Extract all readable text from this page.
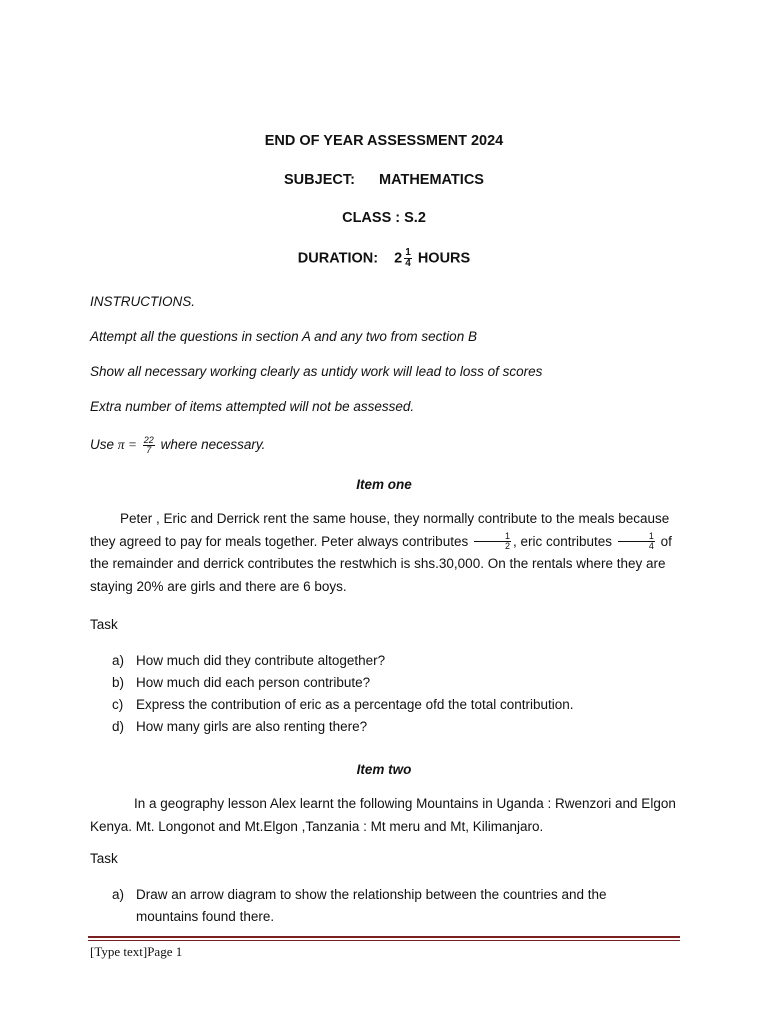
END OF YEAR ASSESSMENT 2024
SUBJECT: MATHEMATICS
CLASS : S.2
DURATION: $2 \frac{1}{4}$ HOURS
INSTRUCTIONS.
Attempt all the questions in section A and any two from section B
Show all necessary working clearly as untidy work will lead to loss of scores
Extra number of items attempted will not be assessed.
Use $\pi = \frac{22}{7}$ where necessary.
Item one
Peter , Eric and Derrick rent the same house, they normally contribute to the meals because they agreed to pay for meals together. Peter always contributes $\frac{1}{2}$ , eric contributes $\frac{1}{4}$ of the remainder and derrick contributes the restwhich is shs.30,000. On the rentals where they are staying 20% are girls and there are 6 boys.
Task
a) How much did they contribute altogether?
b) How much did each person contribute?
c) Express the contribution of eric as a percentage ofd the total contribution.
d) How many girls are also renting there?
Item two
In a geography lesson Alex learnt the following Mountains in Uganda : Rwenzori and Elgon Kenya. Mt. Longonot and Mt.Elgon ,Tanzania : Mt meru and Mt, Kilimanjaro.
Task
a) Draw an arrow diagram to show the relationship between the countries and the mountains found there.
[Type text]Page 1
